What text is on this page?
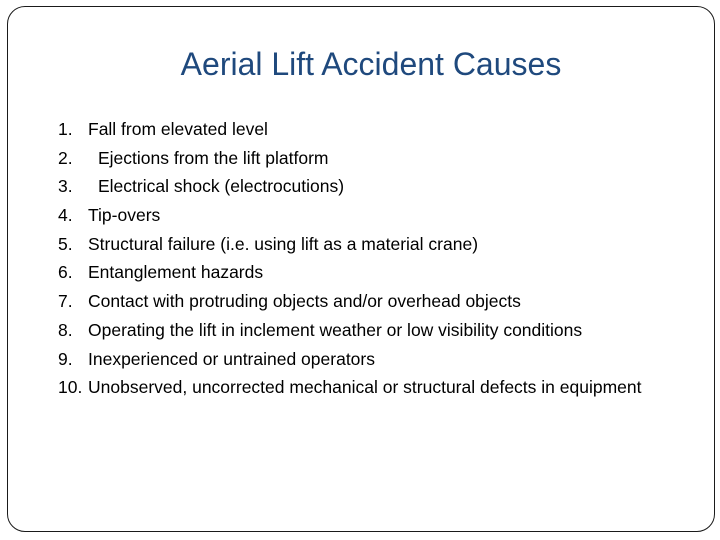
Aerial Lift Accident Causes
1. Fall from elevated level
2. Ejections from the lift platform
3. Electrical shock (electrocutions)
4. Tip-overs
5. Structural failure (i.e. using lift as a material crane)
6. Entanglement hazards
7. Contact with protruding objects and/or overhead objects
8. Operating the lift in inclement weather or low visibility conditions
9. Inexperienced or untrained operators
10. Unobserved, uncorrected mechanical or structural defects in equipment
